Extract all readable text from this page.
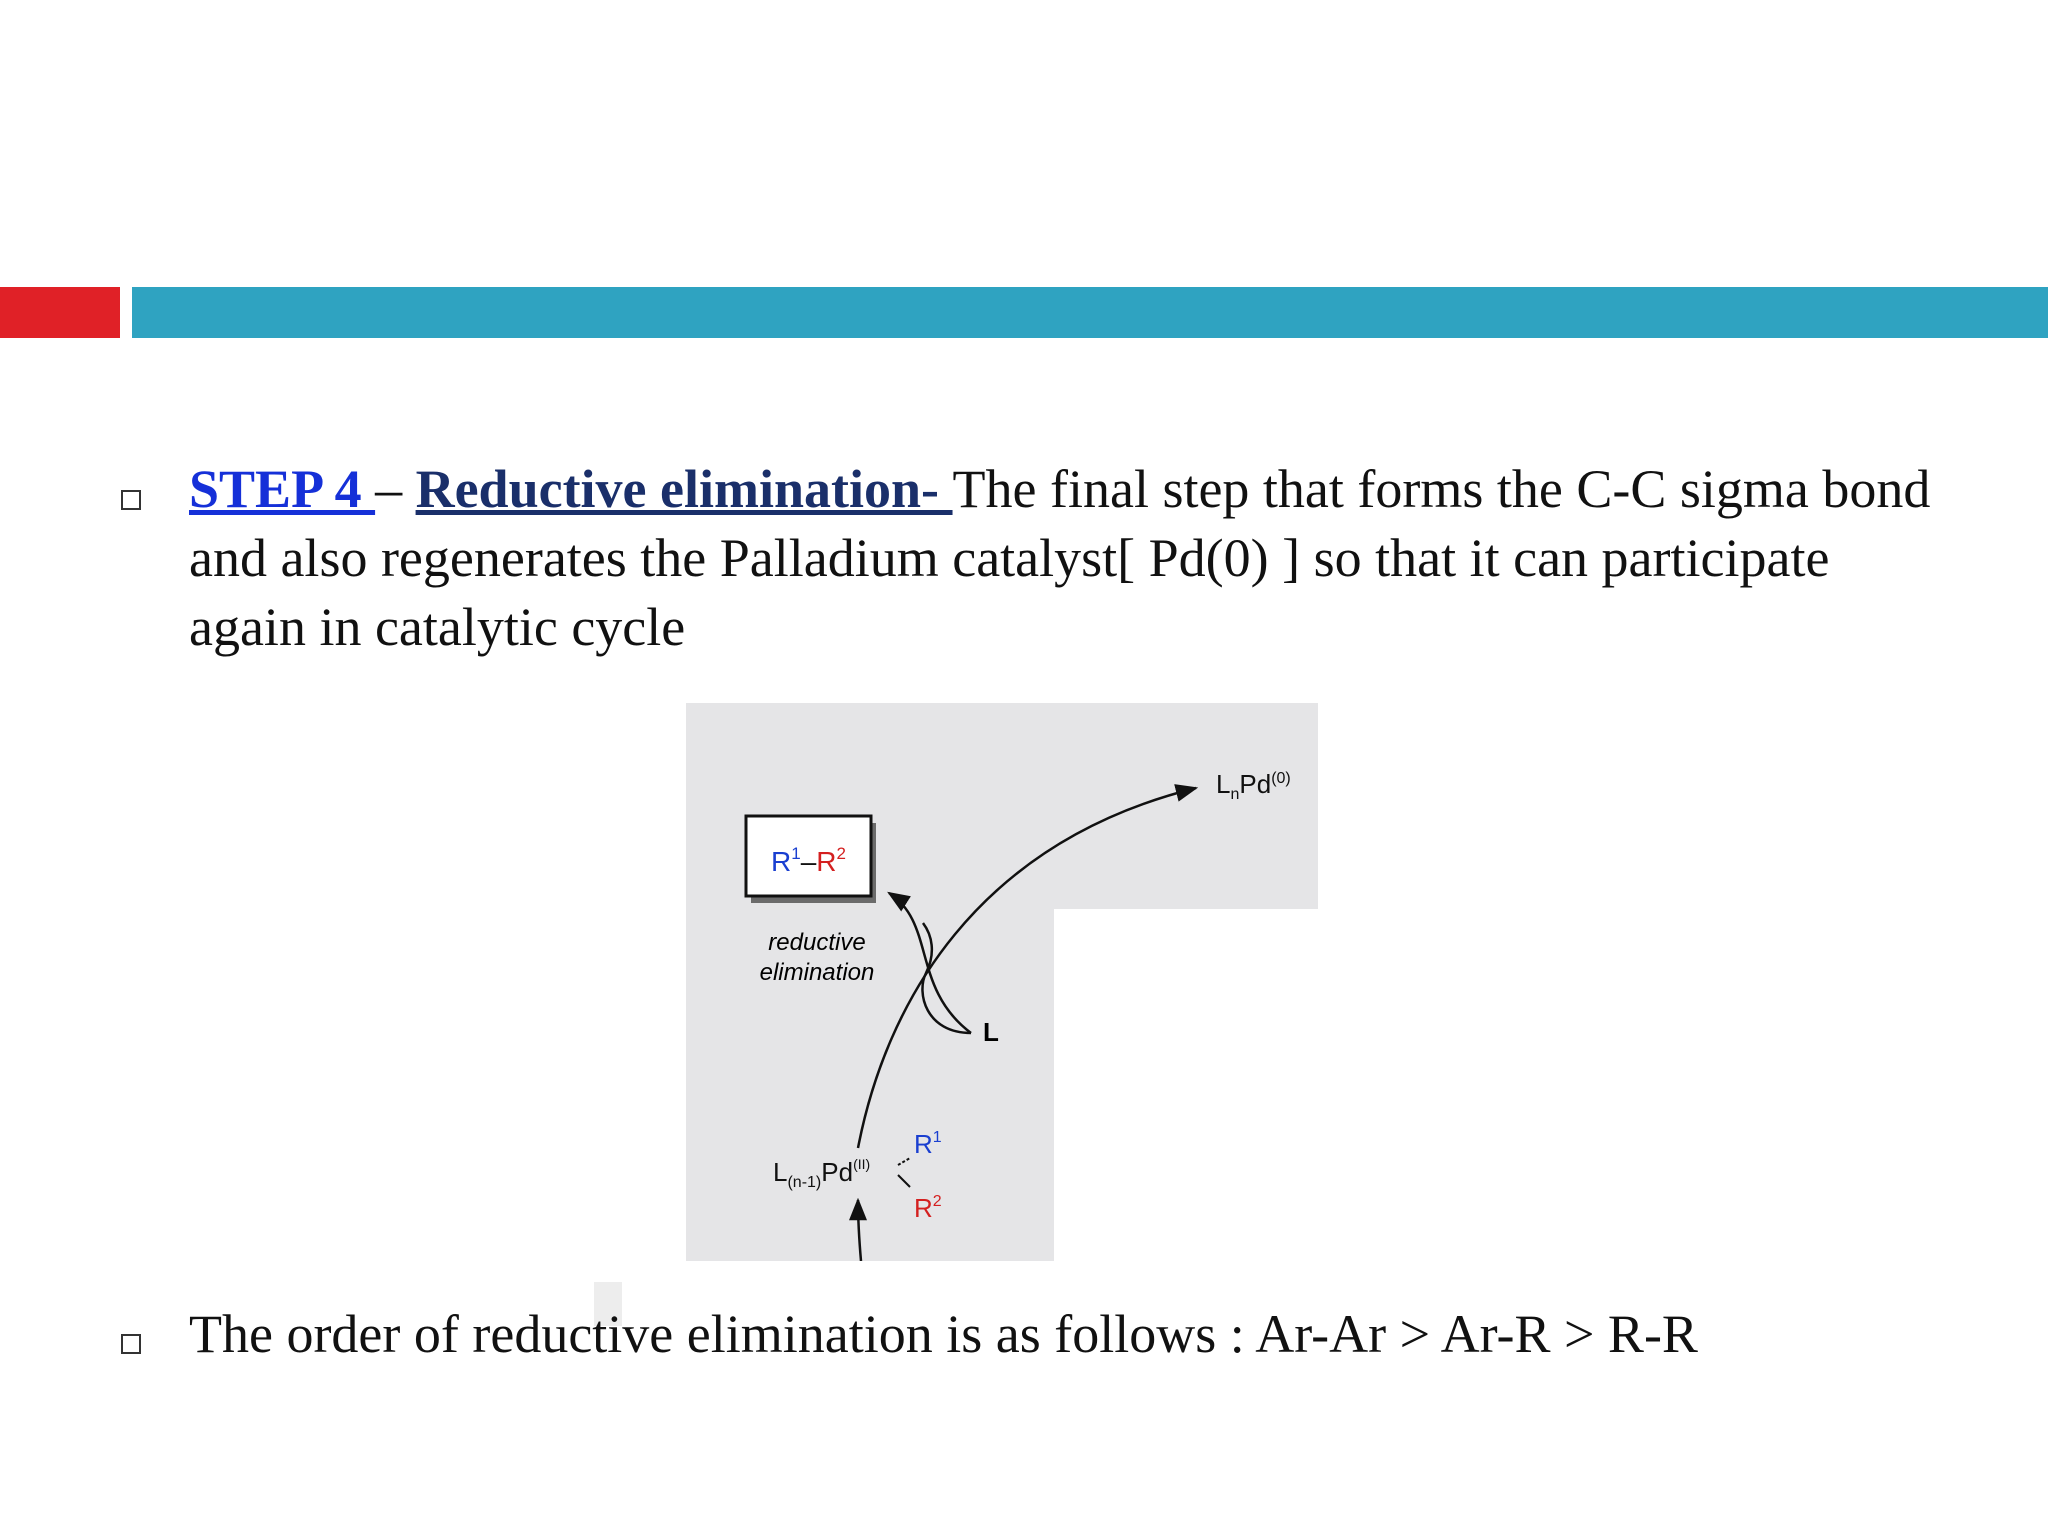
STEP 4 – Reductive elimination- The final step that forms the C-C sigma bond and also regenerates the Palladium catalyst[ Pd(0) ] so that it can participate again in catalytic cycle
$R^1-R^2$
reductive
elimination
L
$L_nPd^{(0)}$
$L_{(n-1)}Pd^{(II)}$
$R^1$
$R^2$
The order of reductive elimination is as follows : Ar-Ar > Ar-R > R-R
